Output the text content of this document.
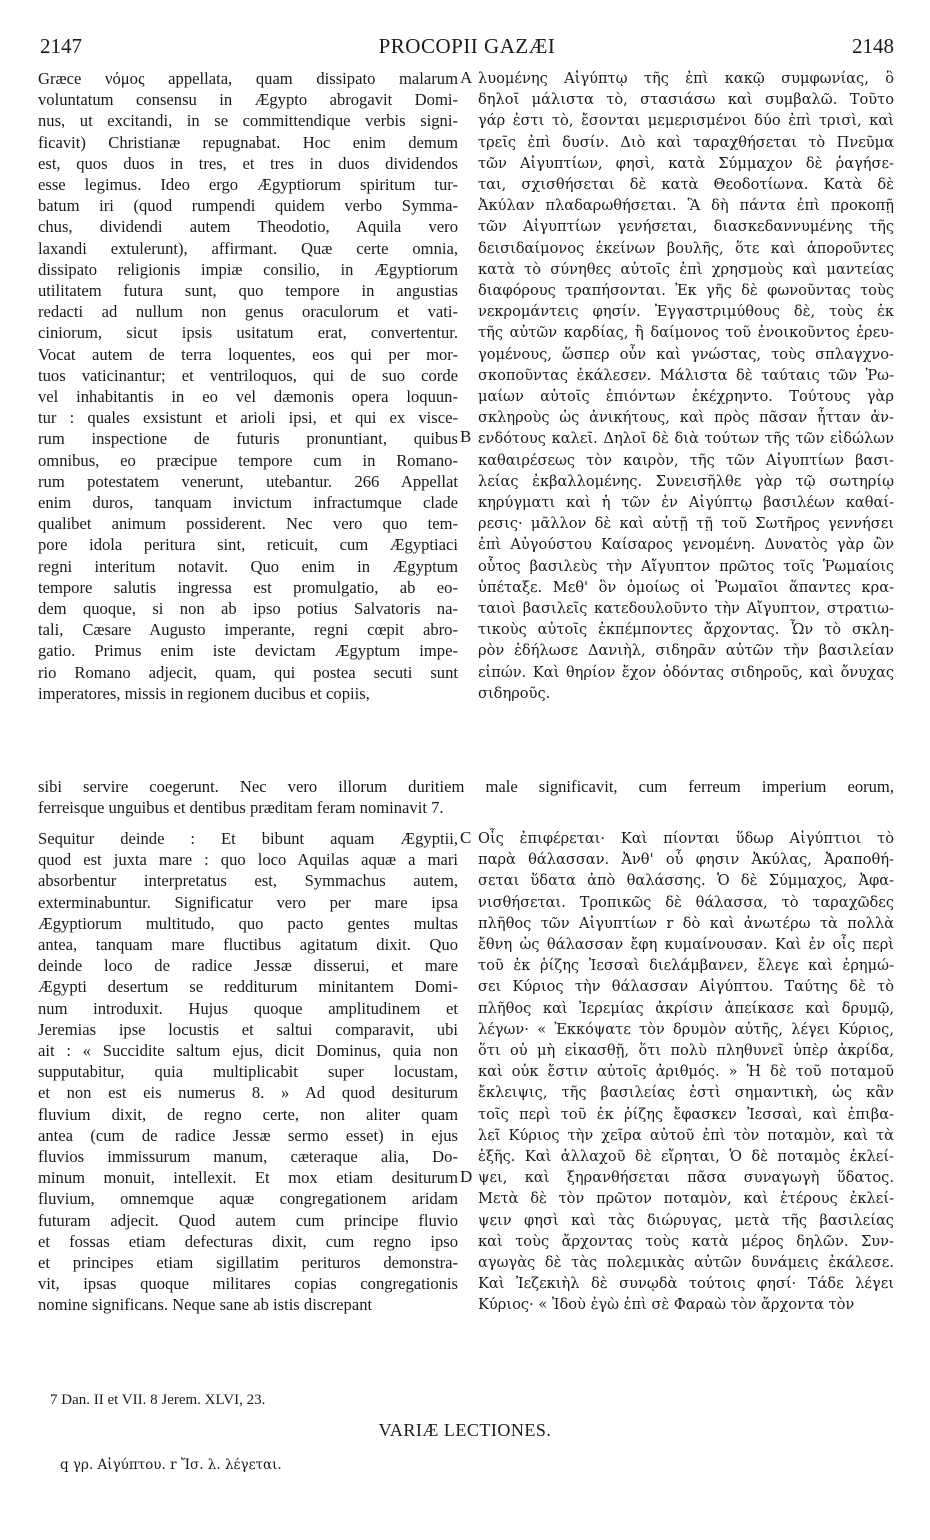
2147	PROCOPII GAZÆI	2148

Græce νόμος appellata, quam dissipato malarum

voluntatum consensu in Ægypto abrogavit Domi-

nus, ut excitandi, in se committendique verbis signi-

ficavit) Christianæ repugnabat. Hoc enim demum

est, quos duos in tres, et tres in duos dividendos

esse legimus. Ideo ergo Ægyptiorum spiritum tur-

batum iri (quod rumpendi quidem verbo Symma-

chus, dividendi autem Theodotio, Aquila vero

laxandi extulerunt), affirmant. Quæ certe omnia,

dissipato religionis impiæ consilio, in Ægyptiorum

utilitatem futura sunt, quo tempore in angustias

redacti ad nullum non genus oraculorum et vati-

ciniorum, sicut ipsis usitatum erat, convertentur.

Vocat autem de terra loquentes, eos qui per mor-

tuos vaticinantur; et ventriloquos, qui de suo corde

vel inhabitantis in eo vel dæmonis opera loquun-

tur : quales exsistunt et arioli ipsi, et qui ex visce-

rum inspectione de futuris pronuntiant, quibus

omnibus, eo præcipue tempore cum in Romano-

rum potestatem venerunt, utebantur. 266 Appellat

enim duros, tanquam invictum infractumque clade

qualibet animum possiderent. Nec vero quo tem-

pore idola peritura sint, reticuit, cum Ægyptiaci

regni interitum notavit. Quo enim in Ægyptum

tempore salutis ingressa est promulgatio, ab eo-

dem quoque, si non ab ipso potius Salvatoris na-

tali, Cæsare Augusto imperante, regni cœpit abro-

gatio. Primus enim iste devictam Ægyptum impe-

rio Romano adjecit, quam, qui postea secuti sunt

imperatores, missis in regionem ducibus et copiis,

λυομένης Αἰγύπτῳ τῆς ἐπὶ κακῷ συμφωνίας, ὃ

δηλοῖ μάλιστα τὸ, στασιάσω καὶ συμβαλῶ. Τοῦτο

γάρ ἐστι τὸ, ἔσονται μεμερισμένοι δύο ἐπὶ τρισὶ, καὶ

τρεῖς ἐπὶ δυσίν. Διὸ καὶ ταραχθήσεται τὸ Πνεῦμα

τῶν Αἰγυπτίων, φησὶ, κατὰ Σύμμαχον δὲ ῥαγήσε-

ται, σχισθήσεται δὲ κατὰ Θεοδοτίωνα. Κατὰ δὲ

Ἀκύλαν πλαδαρωθήσεται. Ἃ δὴ πάντα ἐπὶ προκοπῇ

τῶν Αἰγυπτίων γενήσεται, διασκεδαννυμένης τῆς

δεισιδαίμονος ἐκείνων βουλῆς, ὅτε καὶ ἀποροῦντες

κατὰ τὸ σύνηθες αὐτοῖς ἐπὶ χρησμοὺς καὶ μαντείας

διαφόρους τραπήσονται. Ἐκ γῆς δὲ φωνοῦντας τοὺς

νεκρομάντεις φησίν. Ἐγγαστριμύθους δὲ, τοὺς ἐκ

τῆς αὐτῶν καρδίας, ἢ δαίμονος τοῦ ἐνοικοῦντος ἐρευ-

γομένους, ὥσπερ οὖν καὶ γνώστας, τοὺς σπλαγχνο-

σκοποῦντας ἐκάλεσεν. Μάλιστα δὲ ταύταις τῶν Ῥω-

μαίων αὐτοῖς ἐπιόντων ἐκέχρηντο. Τούτους γὰρ

σκληροὺς ὡς ἀνικήτους, καὶ πρὸς πᾶσαν ἧτταν ἀν-

ενδότους καλεῖ. Δηλοῖ δὲ διὰ τούτων τῆς τῶν εἰδώλων

καθαιρέσεως τὸν καιρὸν, τῆς τῶν Αἰγυπτίων βασι-

λείας ἐκβαλλομένης. Συνεισῆλθε γὰρ τῷ σωτηρίῳ

κηρύγματι καὶ ἡ τῶν ἐν Αἰγύπτῳ βασιλέων καθαί-

ρεσις· μᾶλλον δὲ καὶ αὐτῇ τῇ τοῦ Σωτῆρος γεννήσει

ἐπὶ Αὐγούστου Καίσαρος γενομένη. Δυνατὸς γὰρ ὢν

οὗτος βασιλεὺς τὴν Αἴγυπτον πρῶτος τοῖς Ῥωμαίοις

ὑπέταξε. Μεθ' ὃν ὁμοίως οἱ Ῥωμαῖοι ἅπαντες κρα-

ταιοὶ βασιλεῖς κατεδουλοῦντο τὴν Αἴγυπτον, στρατιω-

τικοὺς αὐτοῖς ἐκπέμποντες ἄρχοντας. Ὧν τὸ σκλη-

ρὸν ἐδήλωσε Δανιὴλ, σιδηρᾶν αὐτῶν τὴν βασιλείαν

εἰπών. Καὶ θηρίον ἔχον ὀδόντας σιδηροῦς, καὶ ὄνυχας

σιδηροῦς.

sibi servire coegerunt. Nec vero illorum duritiem male significavit, cum ferreum imperium eorum,

ferreisque unguibus et dentibus præditam feram nominavit 7.

Sequitur deinde : Et bibunt aquam Ægyptii,

quod est juxta mare : quo loco Aquilas aquæ a mari

absorbentur interpretatus est, Symmachus autem,

exterminabuntur. Significatur vero per mare ipsa

Ægyptiorum multitudo, quo pacto gentes multas

antea, tanquam mare fluctibus agitatum dixit. Quo

deinde loco de radice Jessæ disserui, et mare

Ægypti desertum se redditurum minitantem Domi-

num introduxit. Hujus quoque amplitudinem et

Jeremias ipse locustis et saltui comparavit, ubi

ait : « Succidite saltum ejus, dicit Dominus, quia non

supputabitur, quia multiplicabit super locustam,

et non est eis numerus 8. » Ad quod desiturum

fluvium dixit, de regno certe, non aliter quam

antea (cum de radice Jessæ sermo esset) in ejus

fluvios immissurum manum, cæteraque alia, Do-

minum monuit, intellexit. Et mox etiam desiturum

fluvium, omnemque aquæ congregationem aridam

futuram adjecit. Quod autem cum principe fluvio

et fossas etiam defecturas dixit, cum regno ipso

et principes etiam sigillatim perituros demonstra-

vit, ipsas quoque militares copias congregationis

nomine significans. Neque sane ab istis discrepant

Οἷς ἐπιφέρεται· Καὶ πίονται ὕδωρ Αἰγύπτιοι τὸ

παρὰ θάλασσαν. Ἀνθ' οὗ φησιν Ἀκύλας, Ἀραποθή-

σεται ὕδατα ἀπὸ θαλάσσης. Ὁ δὲ Σύμμαχος, Ἀφα-

νισθήσεται. Τροπικῶς δὲ θάλασσα, τὸ ταραχῶδες

πλῆθος τῶν Αἰγυπτίων r δὸ καὶ ἀνωτέρω τὰ πολλὰ

ἔθνη ὡς θάλασσαν ἔφη κυμαίνουσαν. Καὶ ἐν οἷς περὶ

τοῦ ἐκ ῥίζης Ἰεσσαὶ διελάμβανεν, ἔλεγε καὶ ἐρημώ-

σει Κύριος τὴν θάλασσαν Αἰγύπτου. Ταύτης δὲ τὸ

πλῆθος καὶ Ἱερεμίας ἀκρίσιν ἀπείκασε καὶ δρυμῷ,

λέγων· « Ἐκκόψατε τὸν δρυμὸν αὐτῆς, λέγει Κύριος,

ὅτι οὐ μὴ εἰκασθῇ, ὅτι πολὺ πληθυνεῖ ὑπὲρ ἀκρίδα,

καὶ οὐκ ἔστιν αὐτοῖς ἀριθμός. » Ἡ δὲ τοῦ ποταμοῦ

ἔκλειψις, τῆς βασιλείας ἐστὶ σημαντικὴ, ὡς κἂν

τοῖς περὶ τοῦ ἐκ ῥίζης ἔφασκεν Ἰεσσαὶ, καὶ ἐπιβα-

λεῖ Κύριος τὴν χεῖρα αὐτοῦ ἐπὶ τὸν ποταμὸν, καὶ τὰ

ἑξῆς. Καὶ ἀλλαχοῦ δὲ εἴρηται, Ὁ δὲ ποταμὸς ἐκλεί-

ψει, καὶ ξηρανθήσεται πᾶσα συναγωγὴ ὕδατος.

Μετὰ δὲ τὸν πρῶτον ποταμὸν, καὶ ἑτέρους ἐκλεί-

ψειν φησὶ καὶ τὰς διώρυγας, μετὰ τῆς βασιλείας

καὶ τοὺς ἄρχοντας τοὺς κατὰ μέρος δηλῶν. Συν-

αγωγὰς δὲ τὰς πολεμικὰς αὐτῶν δυνάμεις ἐκάλεσε.

Καὶ Ἰεζεκιὴλ δὲ συνῳδὰ τούτοις φησί· Τάδε λέγει

Κύριος· « Ἰδοὺ ἐγὼ ἐπὶ σὲ Φαραὼ τὸν ἄρχοντα τὸν

A
B
C
D
7 Dan. II et VII. 8 Jerem. XLVI, 23.
VARIÆ LECTIONES.
q γρ. Αἰγύπτου. r Ἴσ. λ. λέγεται.
